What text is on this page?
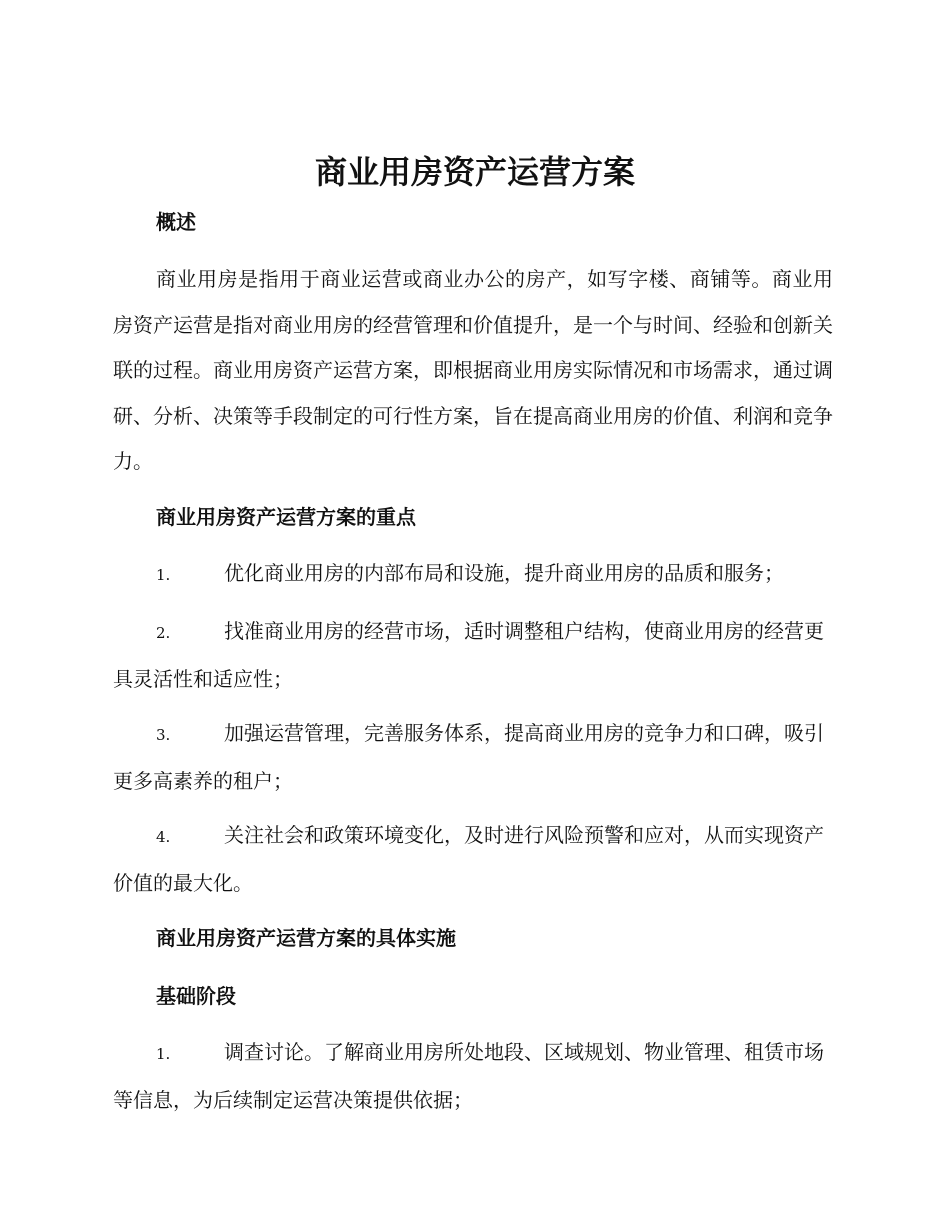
商业用房资产运营方案
概述
商业用房是指用于商业运营或商业办公的房产，如写字楼、商铺等。商业用房资产运营是指对商业用房的经营管理和价值提升，是一个与时间、经验和创新关联的过程。商业用房资产运营方案，即根据商业用房实际情况和市场需求，通过调研、分析、决策等手段制定的可行性方案，旨在提高商业用房的价值、利润和竞争力。
商业用房资产运营方案的重点
1.	优化商业用房的内部布局和设施，提升商业用房的品质和服务；
2.	找准商业用房的经营市场，适时调整租户结构，使商业用房的经营更具灵活性和适应性；
3.	加强运营管理，完善服务体系，提高商业用房的竞争力和口碑，吸引更多高素养的租户；
4.	关注社会和政策环境变化，及时进行风险预警和应对，从而实现资产价值的最大化。
商业用房资产运营方案的具体实施
基础阶段
1.	调查讨论。了解商业用房所处地段、区域规划、物业管理、租赁市场等信息，为后续制定运营决策提供依据；
